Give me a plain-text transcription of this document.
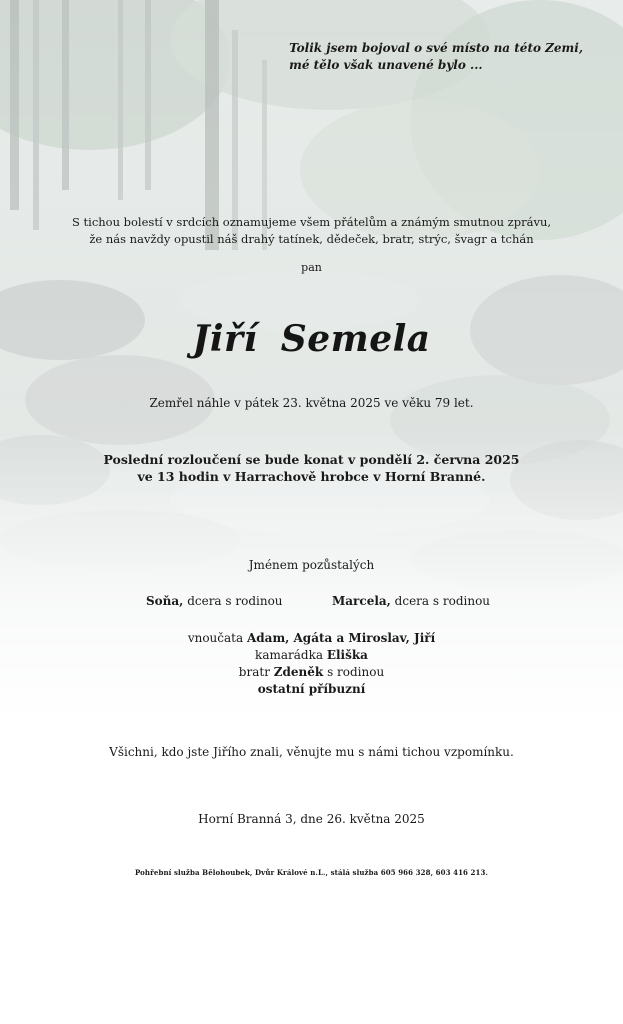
Tolik jsem bojoval o své místo na této Zemi,
mé tělo však unavené bylo ...
S tichou bolestí v srdcích oznamujeme všem přátelům a známým smutnou zprávu,
že nás navždy opustil náš drahý tatínek, dědeček, bratr, strýc, švagr a tchán
pan
Jiří Semela
Zemřel náhle v pátek 23. května 2025 ve věku 79 let.
Poslední rozloučení se bude konat v pondělí 2. června 2025
ve 13 hodin v Harrachově hrobce v Horní Branné.
Jménem pozůstalých
Soňa, dcera s rodinou	Marcela, dcera s rodinou
vnoučata Adam, Agáta a Miroslav, Jiří
kamarádka Eliška
bratr Zdeněk s rodinou
ostatní příbuzní
Všichni, kdo jste Jiřího znali, věnujte mu s námi tichou vzpomínku.
Horní Branná 3, dne 26. května 2025
Pohřební služba Bělohoubek, Dvůr Králové n.L., stálá služba 605 966 328, 603 416 213.
